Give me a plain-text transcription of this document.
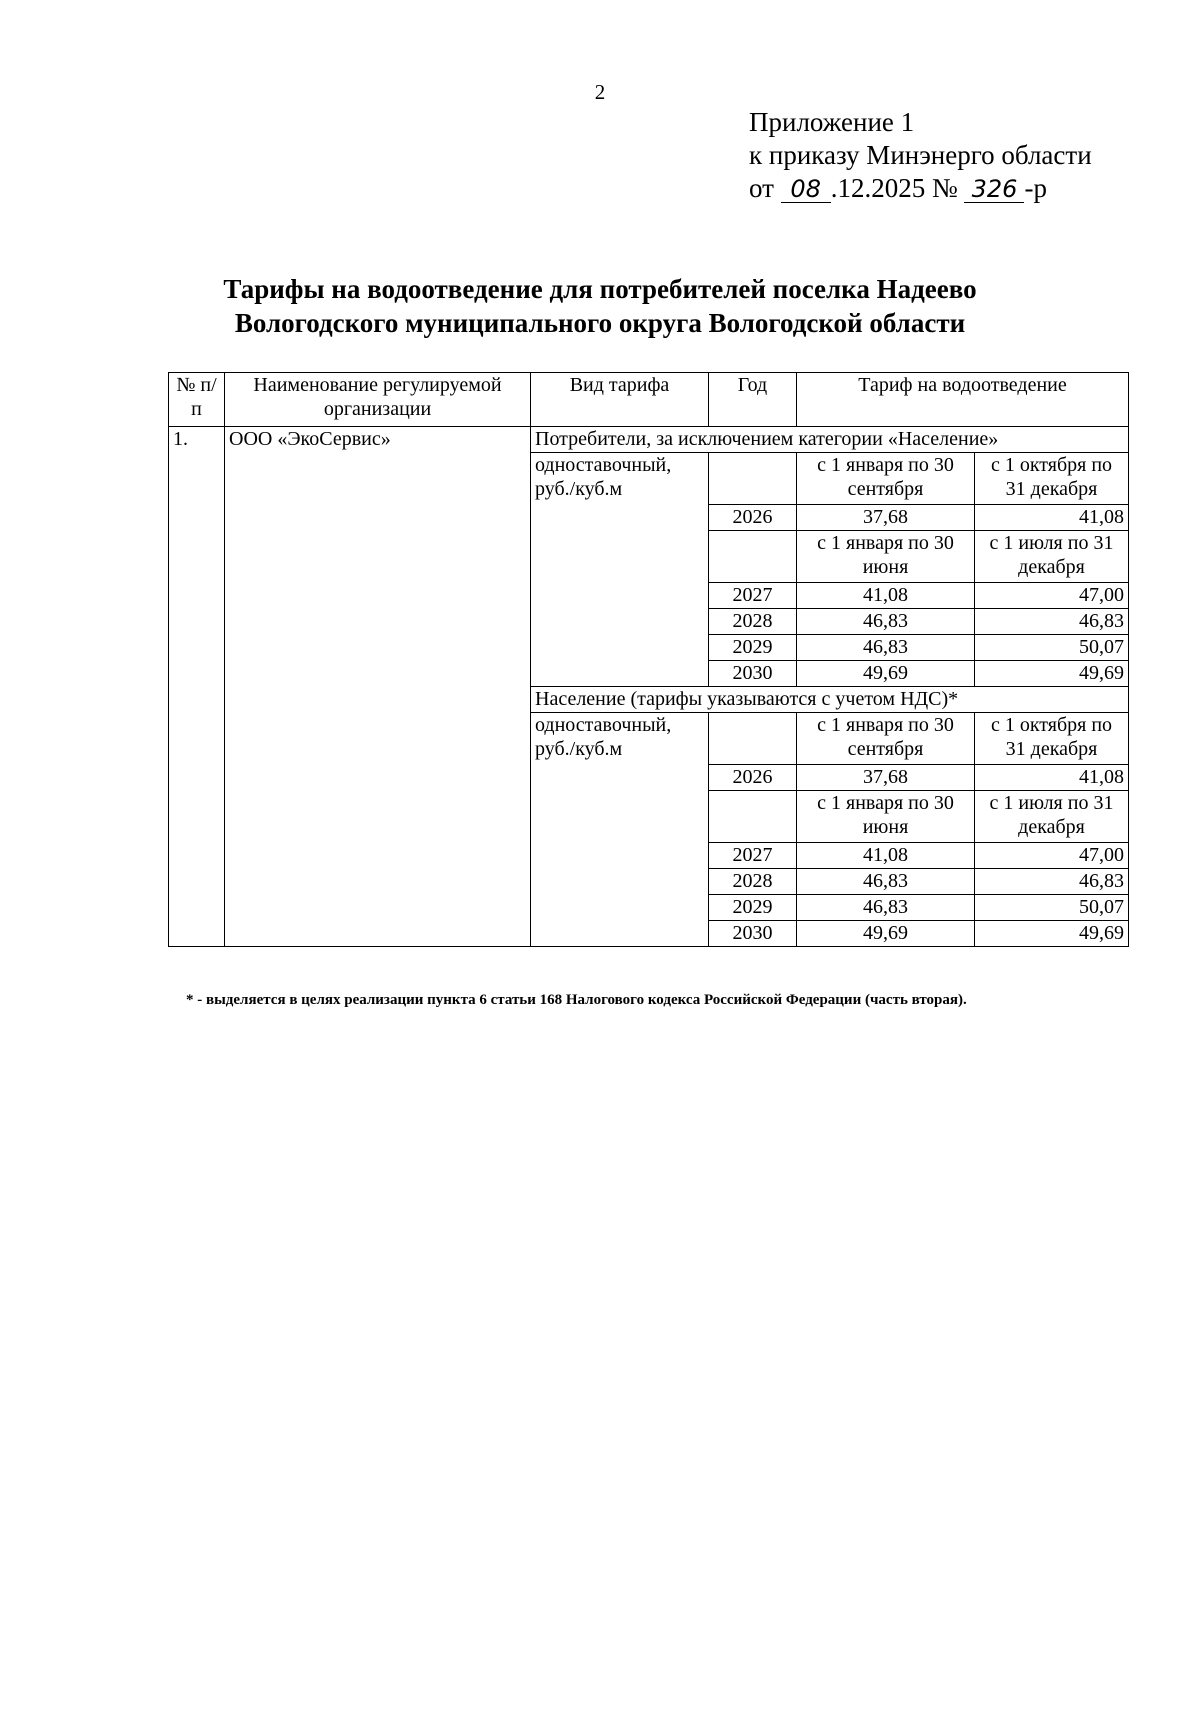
2
Приложение 1
к приказу Минэнерго области
от 08 .12.2025 № 326 -р
Тарифы на водоотведение для потребителей поселка Надеево
Вологодского муниципального округа Вологодской области
№ п/п	Наименование регулируемой организации	Вид тарифа	Год	Тариф на водоотведение	
1.	ООО «ЭкоСервис»	Потребители, за исключением категории «Население»			
		одноставочный, руб./куб.м		с 1 января по 30 сентября	с 1 октября по 31 декабря
			2026	37,68	41,08
				с 1 января по 30 июня	с 1 июля по 31 декабря
			2027	41,08	47,00
			2028	46,83	46,83
			2029	46,83	50,07
			2030	49,69	49,69
		Население (тарифы указываются с учетом НДС)*			
		одноставочный, руб./куб.м		с 1 января по 30 сентября	с 1 октября по 31 декабря
			2026	37,68	41,08
				с 1 января по 30 июня	с 1 июля по 31 декабря
			2027	41,08	47,00
			2028	46,83	46,83
			2029	46,83	50,07
			2030	49,69	49,69
* - выделяется в целях реализации пункта 6 статьи 168 Налогового кодекса Российской Федерации (часть вторая).
